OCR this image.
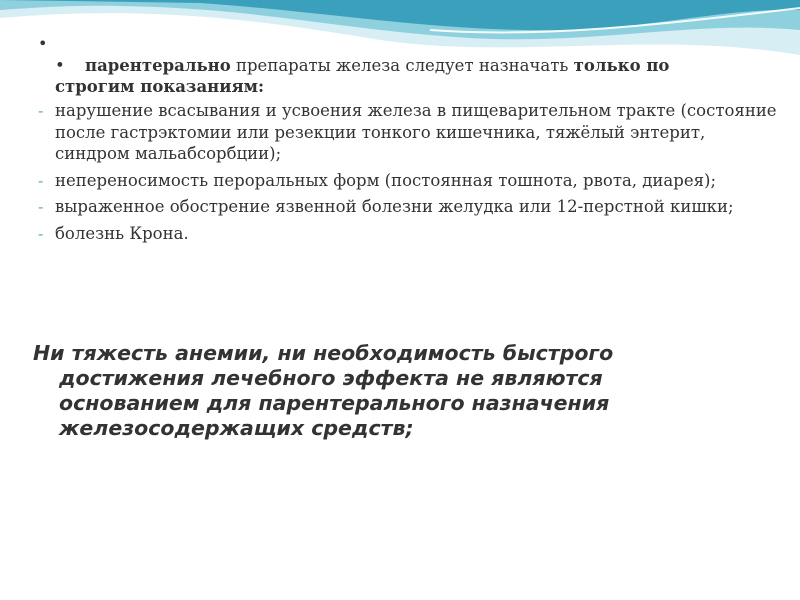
•
•	парентерально препараты железа следует назначать только по
строгим показаниям:
- нарушение всасывания и усвоения железа в пищеварительном тракте (состояние после гастрэктомии или резекции тонкого кишечника, тяжёлый энтерит, синдром мальабсорбции);
- непереносимость пероральных форм (постоянная тошнота, рвота, диарея);
- выраженное обострение язвенной болезни желудка или 12-перстной кишки;
- болезнь Крона.
Ни тяжесть анемии, ни необходимость быстрого
достижения лечебного эффекта не являются
основанием для парентерального назначения
железосодержащих средств;
